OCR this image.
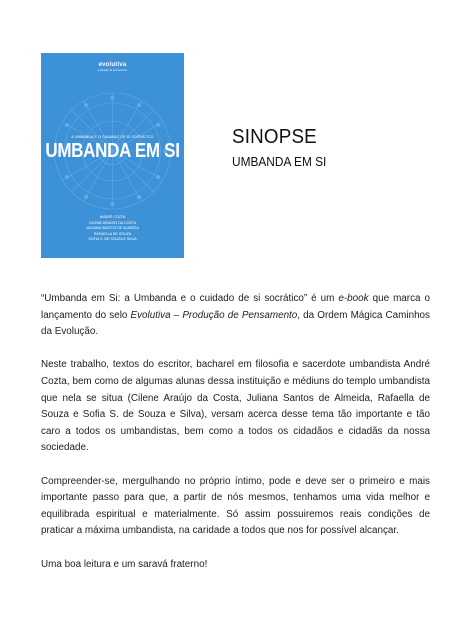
evolutiva
produção de pensamento
A UMBANDA E O CUIDADO DE SI SOCRÁTICO
UMBANDA EM SI
ANDRÉ COZTA
CILENE ARAÚJO DA COSTA
JULIANA SANTOS DE ALMEIDA
RAFAELLA DE SOUZA
SOFIA S. DE SOUZA E SILVA
SINOPSE
UMBANDA EM SI

“Umbanda em Si: a Umbanda e o cuidado de si socrático” é um e-book que marca o lançamento do selo Evolutiva – Produção de Pensamento, da Ordem Mágica Caminhos da Evolução.

Neste trabalho, textos do escritor, bacharel em filosofia e sacerdote umbandista André Cozta, bem como de algumas alunas dessa instituição e médiuns do templo umbandista que nela se situa (Cilene Araújo da Costa, Juliana Santos de Almeida, Rafaella de Souza e Sofia S. de Souza e Silva), versam acerca desse tema tão importante e tão caro a todos os umbandistas, bem como a todos os cidadãos e cidadãs da nossa sociedade.

Compreender-se, mergulhando no próprio íntimo, pode e deve ser o primeiro e mais importante passo para que, a partir de nós mesmos, tenhamos uma vida melhor e equilibrada espiritual e materialmente. Só assim possuiremos reais condições de praticar a máxima umbandista, na caridade a todos que nos for possível alcançar.

Uma boa leitura e um saravá fraterno!
